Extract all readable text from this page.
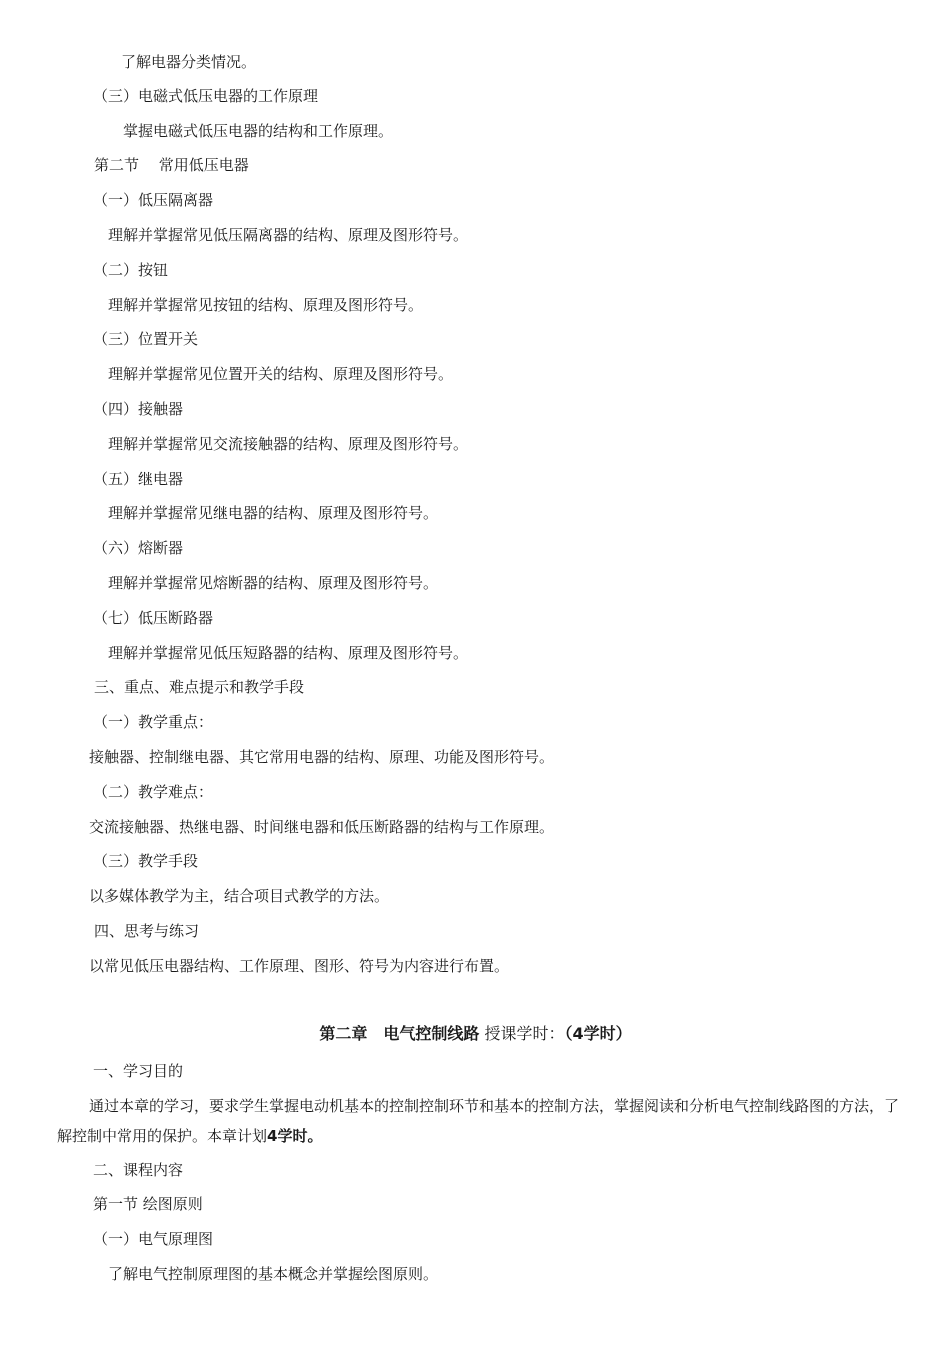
了解电器分类情况。
（三）电磁式低压电器的工作原理
掌握电磁式低压电器的结构和工作原理。
第二节　 常用低压电器
（一）低压隔离器
理解并掌握常见低压隔离器的结构、原理及图形符号。
（二）按钮
理解并掌握常见按钮的结构、原理及图形符号。
（三）位置开关
理解并掌握常见位置开关的结构、原理及图形符号。
（四）接触器
理解并掌握常见交流接触器的结构、原理及图形符号。
（五）继电器
理解并掌握常见继电器的结构、原理及图形符号。
（六）熔断器
理解并掌握常见熔断器的结构、原理及图形符号。
（七）低压断路器
理解并掌握常见低压短路器的结构、原理及图形符号。
三、重点、难点提示和教学手段
（一）教学重点：
接触器、控制继电器、其它常用电器的结构、原理、功能及图形符号。
（二）教学难点：
交流接触器、热继电器、时间继电器和低压断路器的结构与工作原理。
（三）教学手段
以多媒体教学为主，结合项目式教学的方法。
四、思考与练习
以常见低压电器结构、工作原理、图形、符号为内容进行布置。
第二章　电气控制线路 授课学时：（4学时）
一、学习目的
通过本章的学习，要求学生掌握电动机基本的控制控制环节和基本的控制方法，掌握阅读和分析电气控制线路图的方法，了解控制中常用的保护。本章计划4学时。
二、课程内容
第一节 绘图原则
（一）电气原理图
了解电气控制原理图的基本概念并掌握绘图原则。
